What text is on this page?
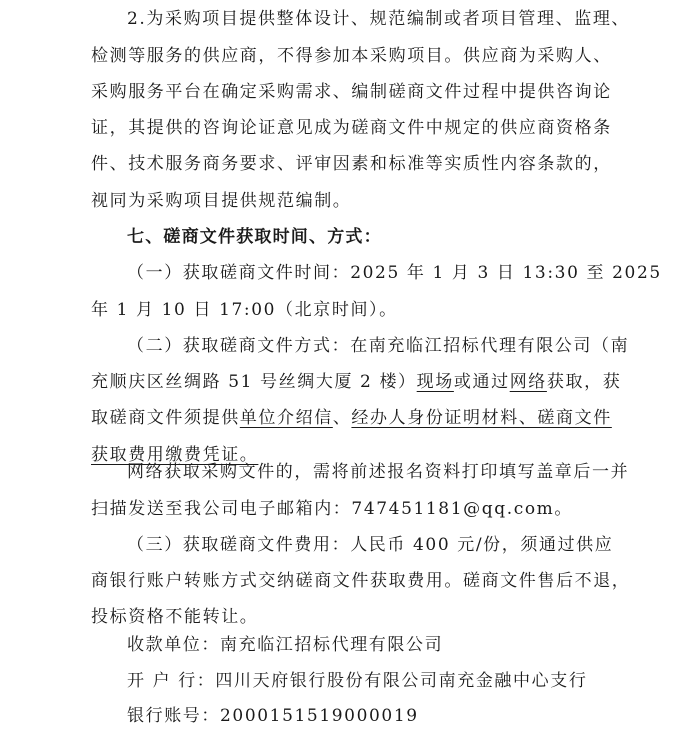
2.为采购项目提供整体设计、规范编制或者项目管理、监理、
检测等服务的供应商，不得参加本采购项目。供应商为采购人、
采购服务平台在确定采购需求、编制磋商文件过程中提供咨询论
证，其提供的咨询论证意见成为磋商文件中规定的供应商资格条
件、技术服务商务要求、评审因素和标准等实质性内容条款的，
视同为采购项目提供规范编制。
七、磋商文件获取时间、方式：
（一）获取磋商文件时间：2025 年 1 月 3 日 13:30 至 2025
年 1 月 10 日 17:00（北京时间）。
（二）获取磋商文件方式：在南充临江招标代理有限公司（南
充顺庆区丝绸路 51 号丝绸大厦 2 楼）现场或通过网络获取，获
取磋商文件须提供单位介绍信、经办人身份证明材料、磋商文件
获取费用缴费凭证。
网络获取采购文件的，需将前述报名资料打印填写盖章后一并
扫描发送至我公司电子邮箱内：747451181@qq.com。
（三）获取磋商文件费用：人民币 400 元/份，须通过供应
商银行账户转账方式交纳磋商文件获取费用。磋商文件售后不退，
投标资格不能转让。
收款单位：南充临江招标代理有限公司
开 户 行：四川天府银行股份有限公司南充金融中心支行
银行账号：2000151519000019
